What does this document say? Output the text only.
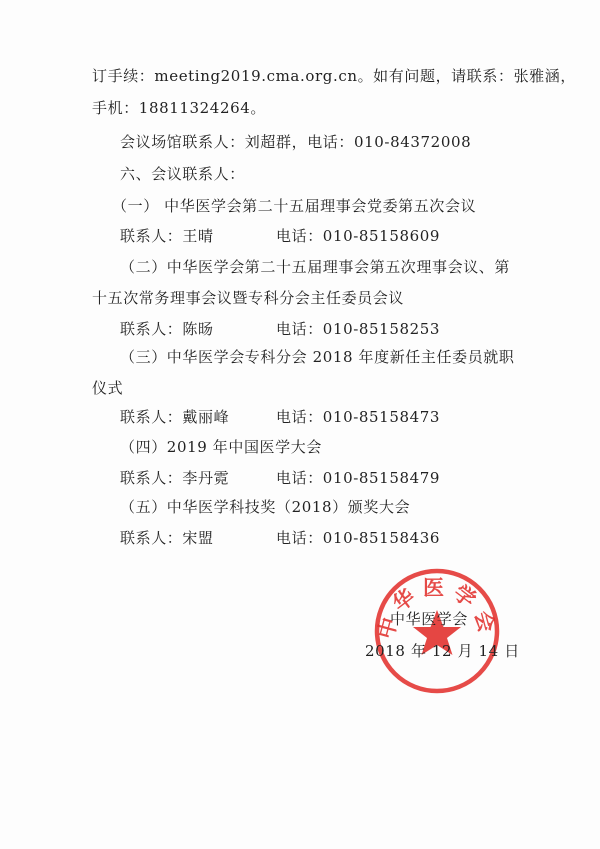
订手续：meeting2019.cma.org.cn。如有问题，请联系：张雅涵，
手机：18811324264。
会议场馆联系人：刘超群，电话：010-84372008
六、会议联系人：
（一） 中华医学会第二十五届理事会党委第五次会议
联系人：王晴　　　　电话：010-85158609
（二）中华医学会第二十五届理事会第五次理事会议、第
十五次常务理事会议暨专科分会主任委员会议
联系人：陈旸　　　　电话：010-85158253
（三）中华医学会专科分会 2018 年度新任主任委员就职
仪式
联系人：戴丽峰　　　电话：010-85158473
（四）2019 年中国医学大会
联系人：李丹霓　　　电话：010-85158479
（五）中华医学科技奖（2018）颁奖大会
联系人：宋盟　　　　电话：010-85158436
中华医学会
中华医学会
2018 年 12 月 14 日
